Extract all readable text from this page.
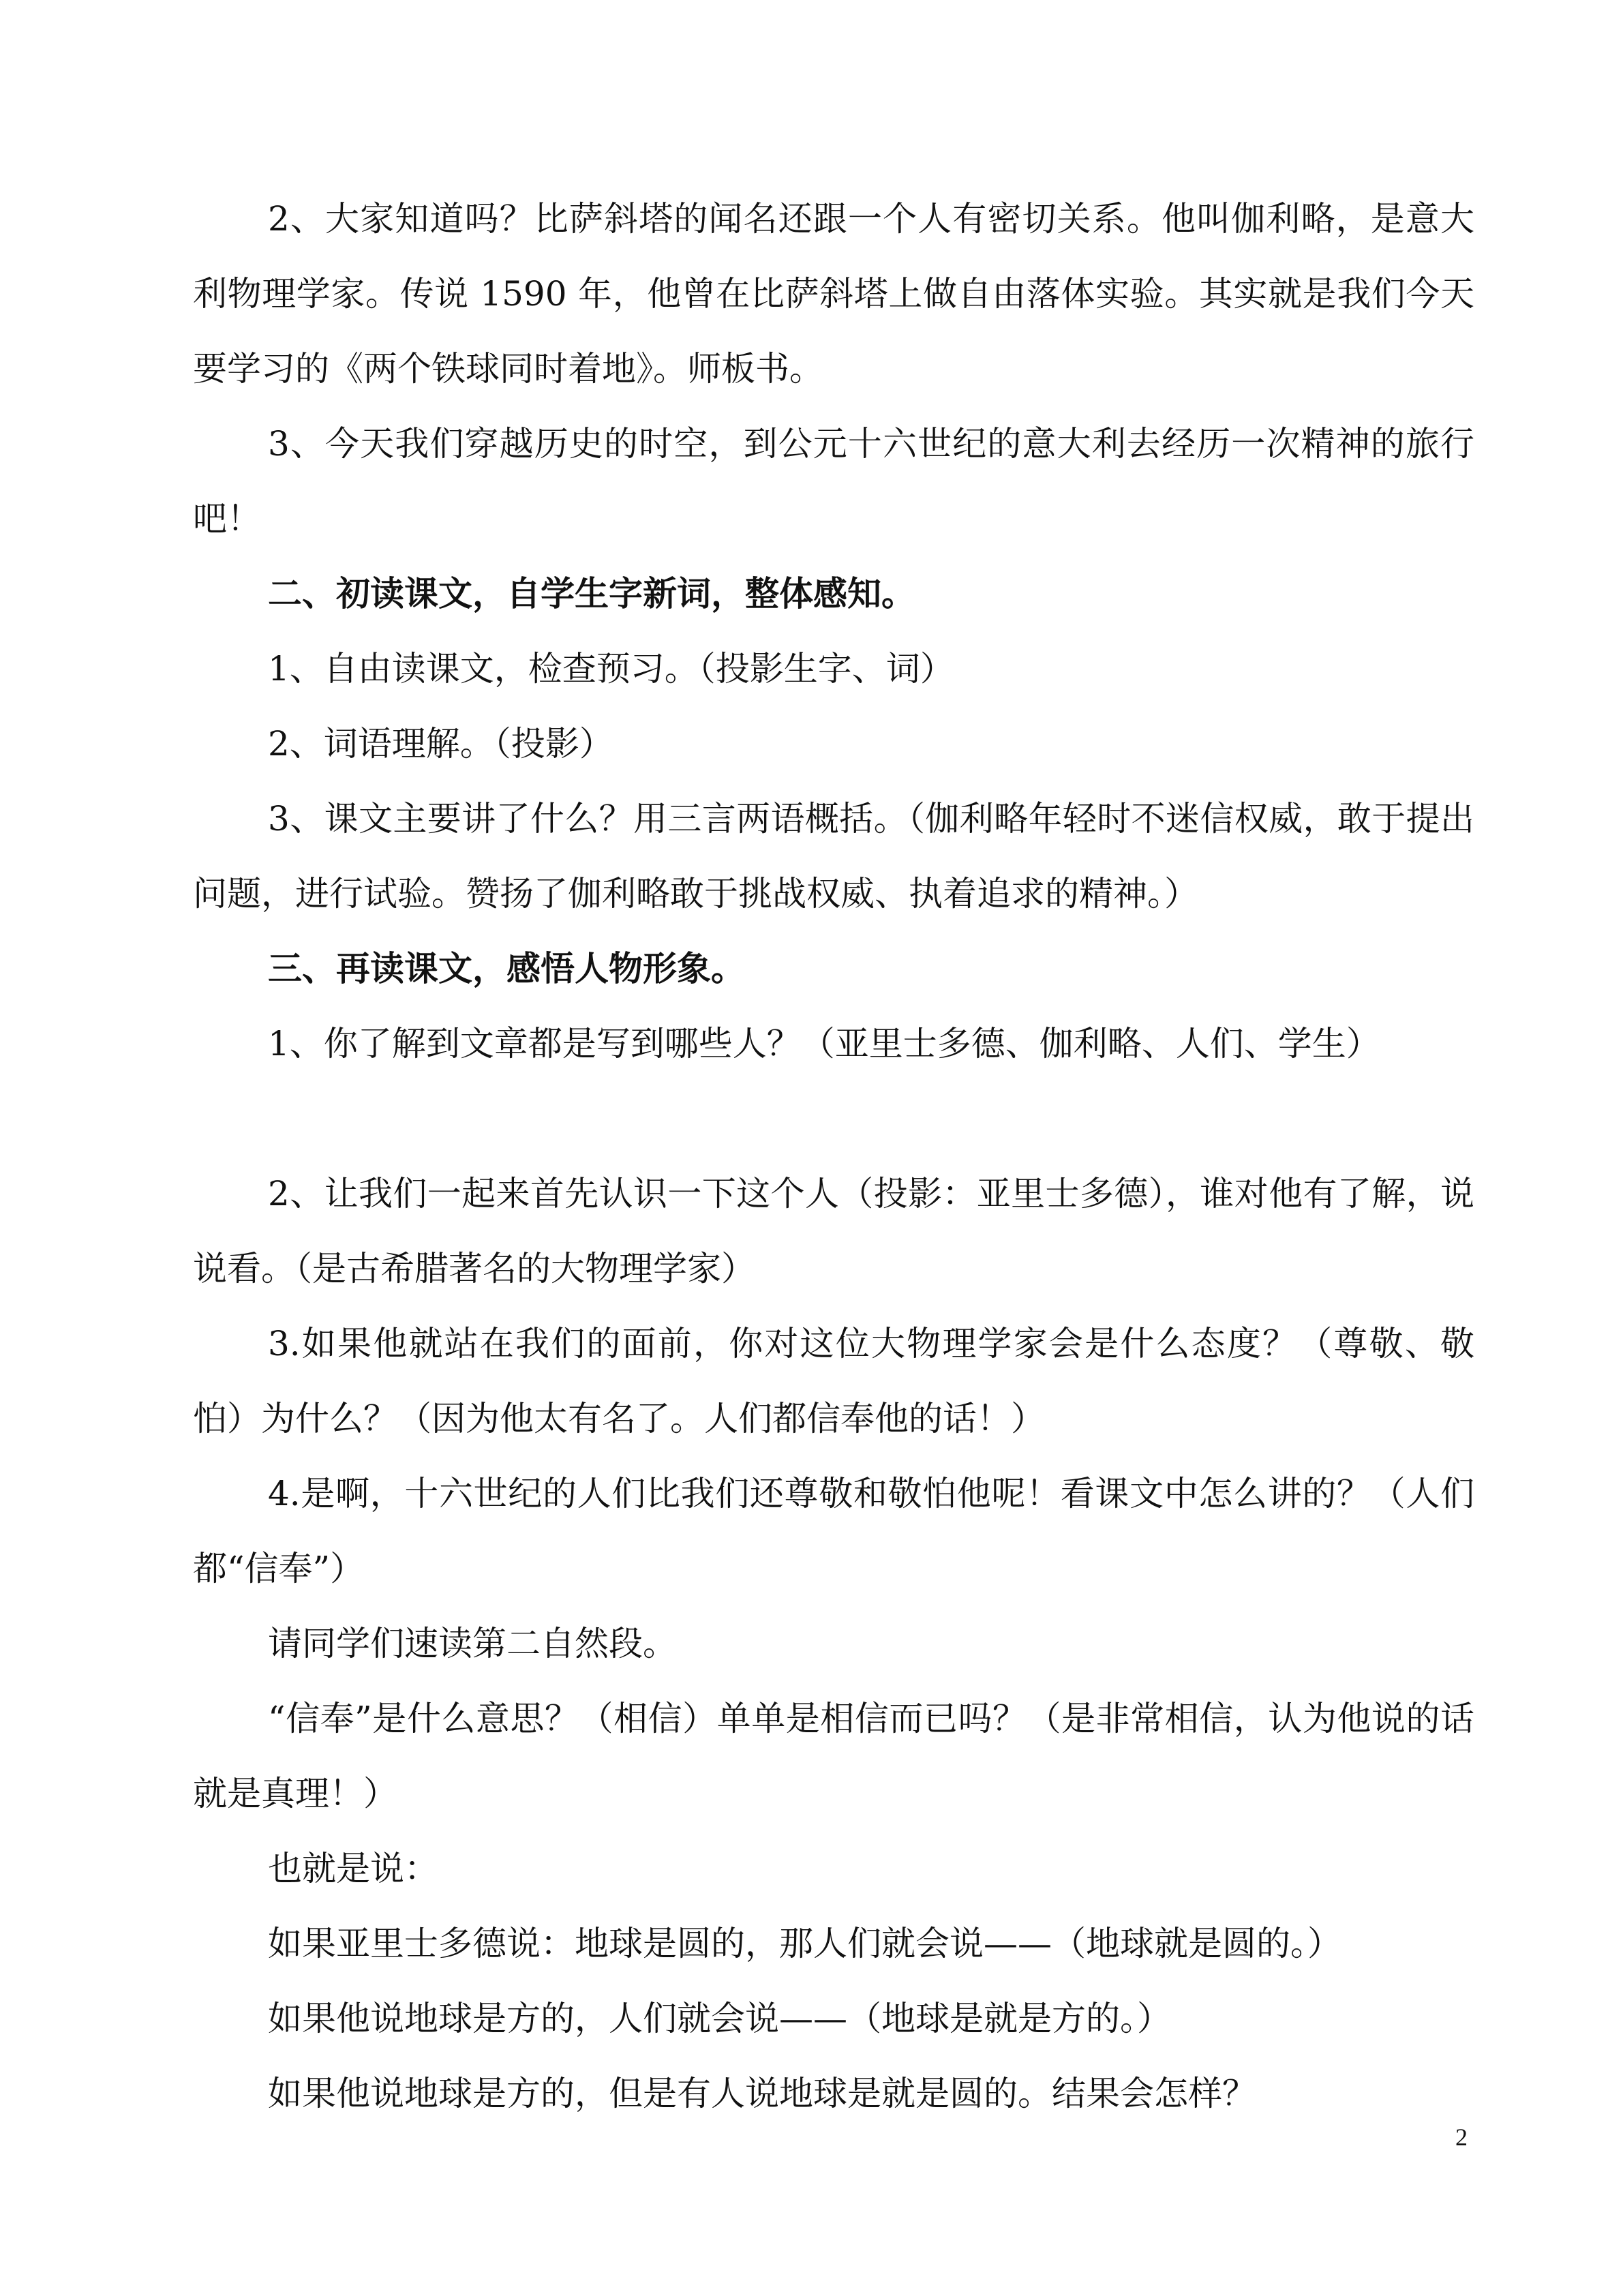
2、大家知道吗？比萨斜塔的闻名还跟一个人有密切关系。他叫伽利略，是意大利物理学家。传说 1590 年，他曾在比萨斜塔上做自由落体实验。其实就是我们今天要学习的《两个铁球同时着地》。师板书。

3、今天我们穿越历史的时空，到公元十六世纪的意大利去经历一次精神的旅行吧！

二、初读课文，自学生字新词，整体感知。

1、自由读课文，检查预习。（投影生字、词）

2、词语理解。（投影）

3、课文主要讲了什么？用三言两语概括。（伽利略年轻时不迷信权威，敢于提出问题，进行试验。赞扬了伽利略敢于挑战权威、执着追求的精神。）

三、再读课文，感悟人物形象。

1、你了解到文章都是写到哪些人？（亚里士多德、伽利略、人们、学生）

2、让我们一起来首先认识一下这个人（投影：亚里士多德），谁对他有了解，说说看。（是古希腊著名的大物理学家）

3.如果他就站在我们的面前，你对这位大物理学家会是什么态度？（尊敬、敬怕）为什么？（因为他太有名了。人们都信奉他的话！）

4.是啊，十六世纪的人们比我们还尊敬和敬怕他呢！看课文中怎么讲的？（人们都“信奉”）

请同学们速读第二自然段。

“信奉”是什么意思？（相信）单单是相信而已吗？（是非常相信，认为他说的话就是真理！）

也就是说：

如果亚里士多德说：地球是圆的，那人们就会说——（地球就是圆的。）

如果他说地球是方的，人们就会说——（地球是就是方的。）

如果他说地球是方的，但是有人说地球是就是圆的。结果会怎样？

2
